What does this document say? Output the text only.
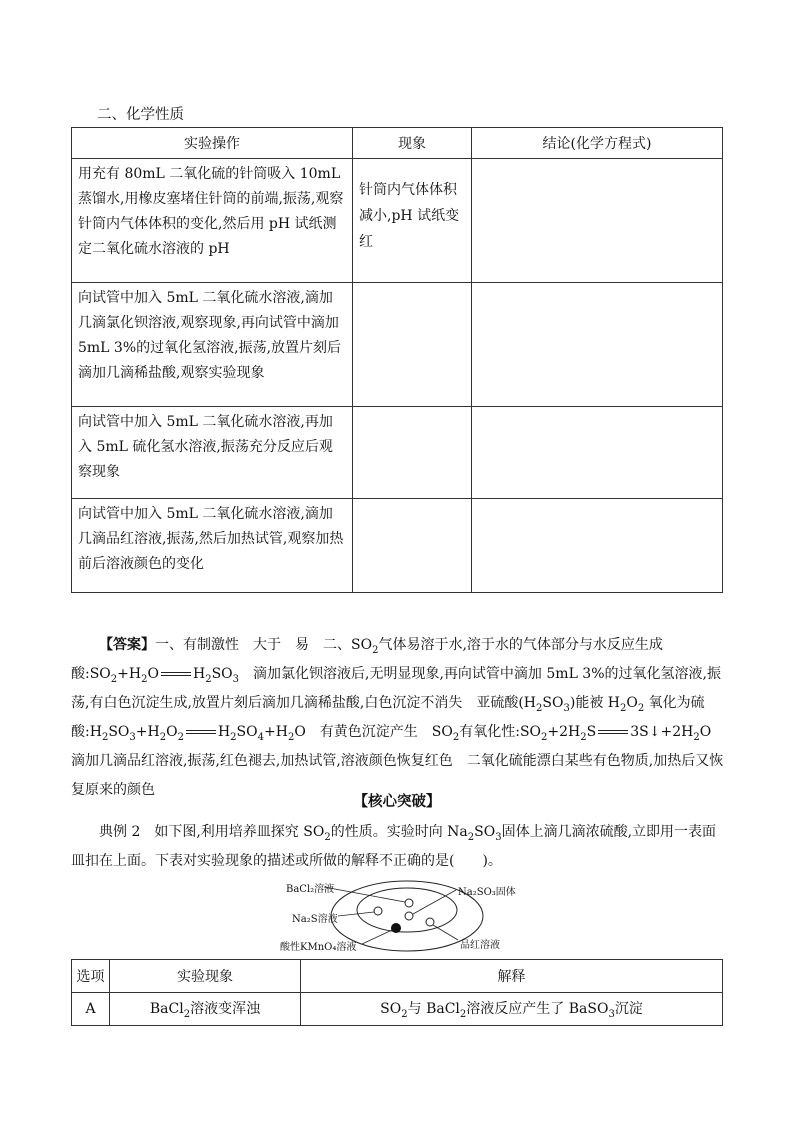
二、化学性质
实验操作	现象	结论(化学方程式)

用充有 80mL 二氧化硫的针筒吸入 10mL 蒸馏水,用橡皮塞堵住针筒的前端,振荡,观察针筒内气体体积的变化,然后用 pH 试纸测定二氧化硫水溶液的 pH	针筒内气体体积减小,pH 试纸变红	

向试管中加入 5mL 二氧化硫水溶液,滴加几滴氯化钡溶液,观察现象,再向试管中滴加 5mL 3%的过氧化氢溶液,振荡,放置片刻后滴加几滴稀盐酸,观察实验现象		

向试管中加入 5mL 二氧化硫水溶液,再加入 5mL 硫化氢水溶液,振荡充分反应后观察现象		

向试管中加入 5mL 二氧化硫水溶液,滴加几滴品红溶液,振荡,然后加热试管,观察加热前后溶液颜色的变化		

【答案】一、有制激性　大于　易　二、$SO_2$气体易溶于水,溶于水的气体部分与水反应生成酸$:SO_2+H_2O$ $H_2SO_3$　滴加氯化钡溶液后,无明显现象,再向试管中滴加 5mL 3%的过氧化氢溶液,振荡,有白色沉淀生成,放置片刻后滴加几滴稀盐酸,白色沉淀不消失　亚硫酸$(H_2SO_3)$能被 $H_2O_2$ 氧化为硫酸$:H_2SO_3+H_2O_2$ $H_2SO_4+H_2O$　有黄色沉淀产生　$SO_2$有氧化性$:SO_2+2H_2S$ $3S↓+2H_2O$　滴加几滴品红溶液,振荡,红色褪去,加热试管,溶液颜色恢复红色　二氧化硫能漂白某些有色物质,加热后又恢复原来的颜色
【核心突破】
典例 2　如下图,利用培养皿探究 $SO_2$的性质。实验时向 $Na_2SO_3$固体上滴几滴浓硫酸,立即用一表面皿扣在上面。下表对实验现象的描述或所做的解释不正确的是(　　)。
BaCl₂溶液	Na₂SO₃固体
Na₂S溶液
酸性KMnO₄溶液	品红溶液
选项	实验现象	解释
A	BaCl$_2$溶液变浑浊	$SO_2$与 BaCl$_2$溶液反应产生了 BaSO$_3$沉淀
